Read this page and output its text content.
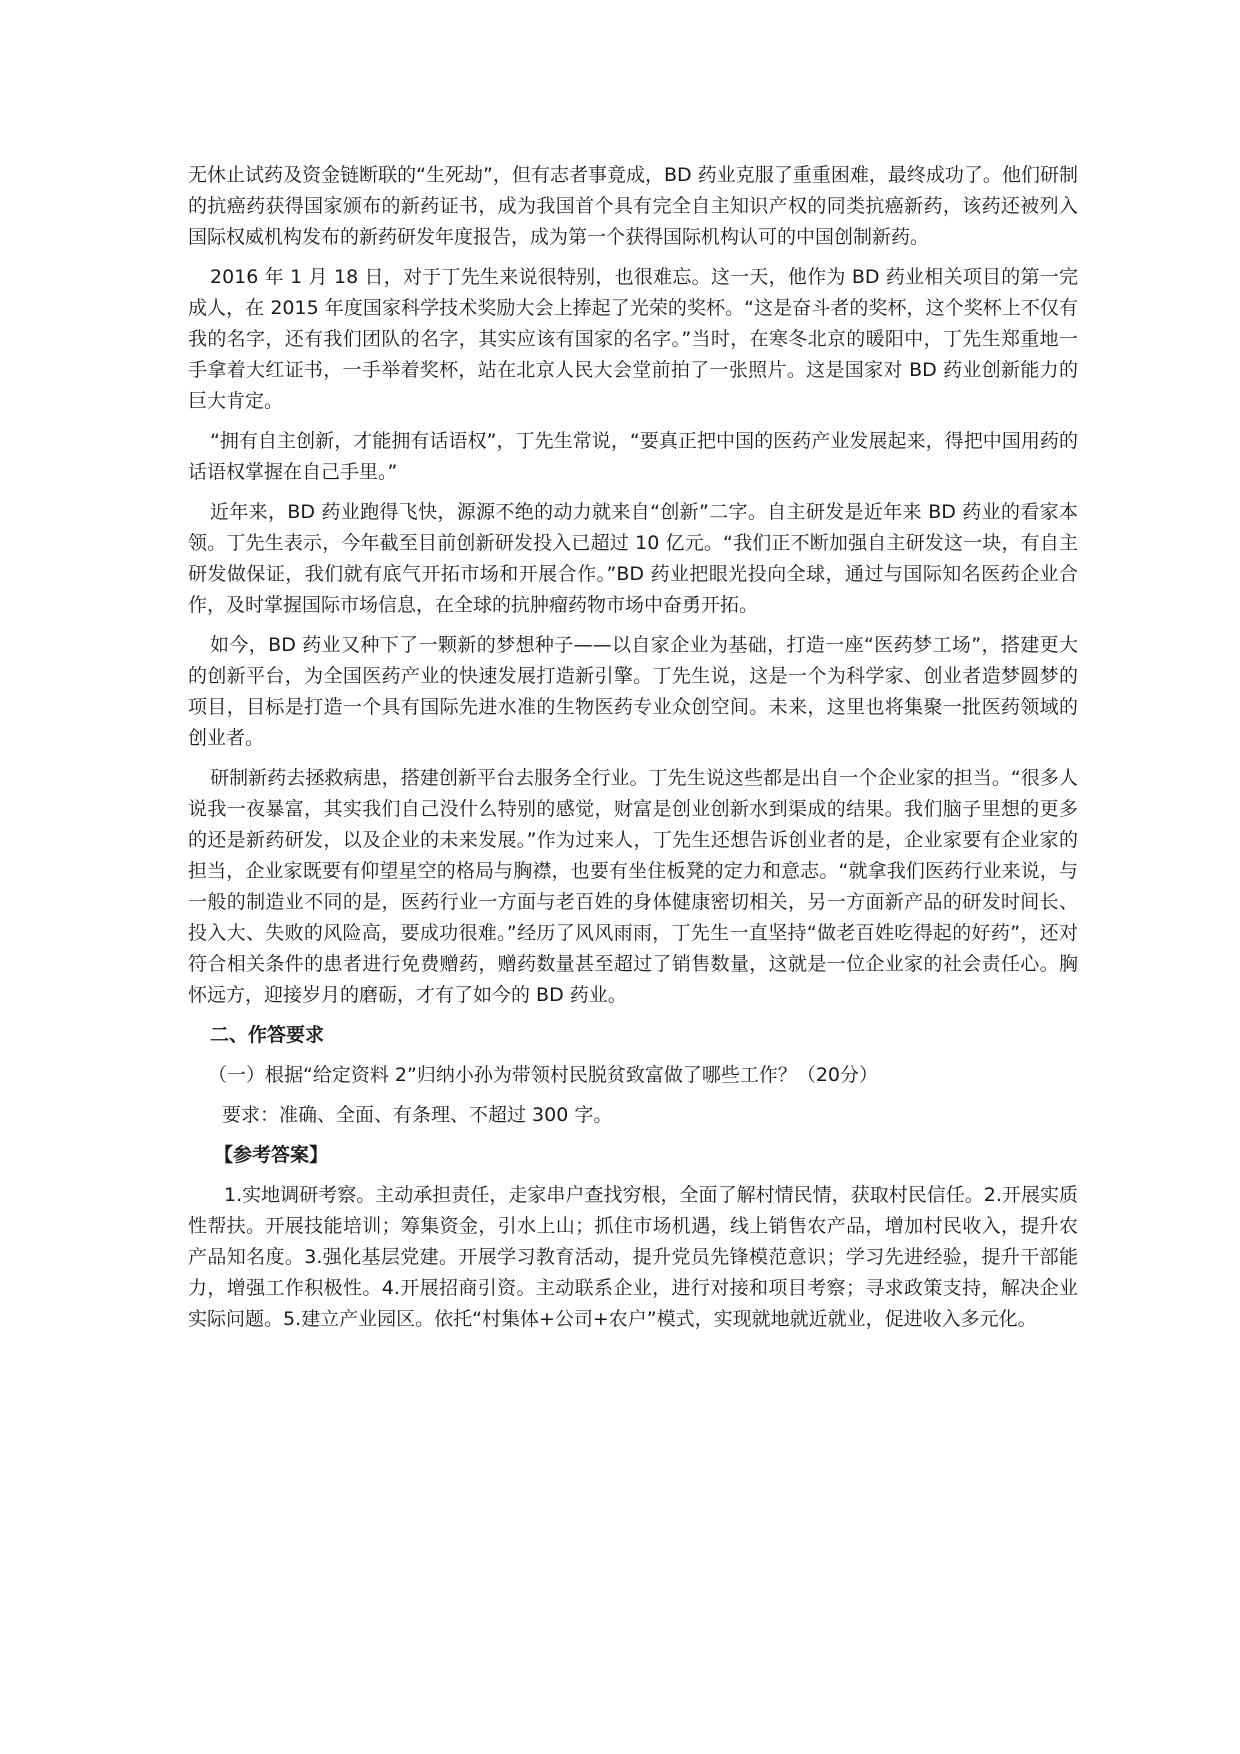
无休止试药及资金链断联的“生死劫”，但有志者事竟成，BD 药业克服了重重困难，最终成功了。他们研制的抗癌药获得国家颁布的新药证书，成为我国首个具有完全自主知识产权的同类抗癌新药，该药还被列入国际权威机构发布的新药研发年度报告，成为第一个获得国际机构认可的中国创制新药。

2016 年 1 月 18 日，对于丁先生来说很特别，也很难忘。这一天，他作为 BD 药业相关项目的第一完成人，在 2015 年度国家科学技术奖励大会上捧起了光荣的奖杯。“这是奋斗者的奖杯，这个奖杯上不仅有我的名字，还有我们团队的名字，其实应该有国家的名字。”当时，在寒冬北京的暖阳中，丁先生郑重地一手拿着大红证书，一手举着奖杯，站在北京人民大会堂前拍了一张照片。这是国家对 BD 药业创新能力的巨大肯定。

“拥有自主创新，才能拥有话语权”，丁先生常说，“要真正把中国的医药产业发展起来，得把中国用药的话语权掌握在自己手里。”

近年来，BD 药业跑得飞快，源源不绝的动力就来自“创新”二字。自主研发是近年来 BD 药业的看家本领。丁先生表示，今年截至目前创新研发投入已超过 10 亿元。“我们正不断加强自主研发这一块，有自主研发做保证，我们就有底气开拓市场和开展合作。”BD 药业把眼光投向全球，通过与国际知名医药企业合作，及时掌握国际市场信息，在全球的抗肿瘤药物市场中奋勇开拓。

如今，BD 药业又种下了一颗新的梦想种子——以自家企业为基础，打造一座“医药梦工场”，搭建更大的创新平台，为全国医药产业的快速发展打造新引擎。丁先生说，这是一个为科学家、创业者造梦圆梦的项目，目标是打造一个具有国际先进水准的生物医药专业众创空间。未来，这里也将集聚一批医药领域的创业者。

研制新药去拯救病患，搭建创新平台去服务全行业。丁先生说这些都是出自一个企业家的担当。“很多人说我一夜暴富，其实我们自己没什么特别的感觉，财富是创业创新水到渠成的结果。我们脑子里想的更多的还是新药研发，以及企业的未来发展。”作为过来人，丁先生还想告诉创业者的是，企业家要有企业家的担当，企业家既要有仰望星空的格局与胸襟，也要有坐住板凳的定力和意志。“就拿我们医药行业来说，与一般的制造业不同的是，医药行业一方面与老百姓的身体健康密切相关，另一方面新产品的研发时间长、投入大、失败的风险高，要成功很难。”经历了风风雨雨，丁先生一直坚持“做老百姓吃得起的好药”，还对符合相关条件的患者进行免费赠药，赠药数量甚至超过了销售数量，这就是一位企业家的社会责任心。胸怀远方，迎接岁月的磨砺，才有了如今的 BD 药业。

二、作答要求

（一）根据“给定资料 2”归纳小孙为带领村民脱贫致富做了哪些工作？（20分）

要求：准确、全面、有条理、不超过 300 字。

【参考答案】

1.实地调研考察。主动承担责任，走家串户查找穷根，全面了解村情民情，获取村民信任。2.开展实质性帮扶。开展技能培训；筹集资金，引水上山；抓住市场机遇，线上销售农产品，增加村民收入，提升农产品知名度。3.强化基层党建。开展学习教育活动，提升党员先锋模范意识；学习先进经验，提升干部能力，增强工作积极性。4.开展招商引资。主动联系企业，进行对接和项目考察；寻求政策支持，解决企业实际问题。5.建立产业园区。依托“村集体+公司+农户”模式，实现就地就近就业，促进收入多元化。
